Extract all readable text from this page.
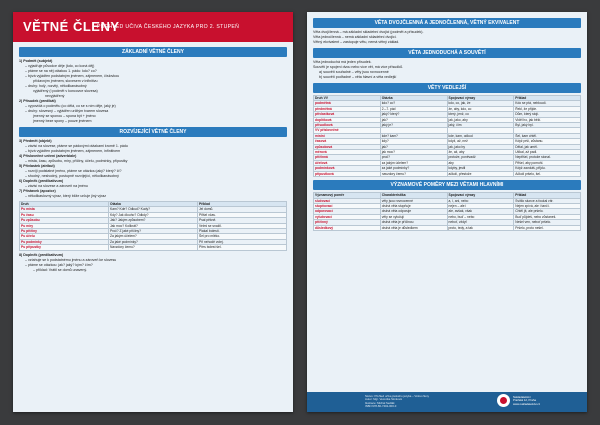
VĚTNÉ ČLENY
PŘEHLED UČIVA ČESKÉHO JAZYKA PRO 2. STUPEŇ
ZÁKLADNÍ VĚTNÉ ČLENY
1) Podmět (subjekt)
– vyjadřuje původce děje (kdo, co koná děj)
– ptáme se na něj otázkou 1. pádu: kdo? co?
– bývá vyjádřen podstatným jménem, zájmenem, číslovkou
přídavným jménem, slovesem v infinitivu
– druhy: holý, rozvitý, několikanásobný
vyjádřený (i podmět v koncovce slovesa)
nevyjádřený
2) Přísudek (predikát)
– vypovídá o podmětu (co dělá, co se s ním děje, jaký je)
– druhy: slovesný – vyjádřen určitým tvarem slovesa
jmenný se sponou – spona být + jméno
jmenný beze spony – pouze jménem
ROZVÍJEJÍCÍ VĚTNÉ ČLENY
3) Předmět (objekt)
– závisí na slovese, ptáme se pádovými otázkami kromě 1. pádu
– bývá vyjádřen podstatným jménem, zájmenem, infinitivem
4) Příslovečné určení (adverbiale)
– místa, času, způsobu, míry, příčiny, účelu, podmínky, přípustky
5) Přívlastek (atribut)
– rozvíjí podstatné jméno, ptáme se otázkou jaký? který? čí?
– shodný, neshodný, postupně rozvíjející, několikanásobný
6) Doplněk (predikativum)
– závisí na slovese a zároveň na jménu
7) Přístavek (apozice)
– několikaslovný výraz, který blíže určuje jiný výraz
Druh	Otázka	Příklad
Pu místa	Kam? Kde? Odkud? Kudy?	Jel domů.
Pu času	Kdy? Jak dlouho? Odkdy?	Přišel včas.
Pu způsobu	Jak? Jakým způsobem?	Psal pěkně.
Pu míry	Jak moc? Kolikrát?	Velmi se snažil.
Pu příčiny	Proč? Z jaké příčiny?	Plakal bolestí.
Pu účelu	Za jakým účelem?	Šel pro mléko.
Pu podmínky	Za jaké podmínky?	Při nehodě volej.
Pu přípustky	Navzdory čemu?	Přes bolest šel.
8) Doplněk (predikativum)
– vztahuje se k podstatnému jménu a zároveň ke slovesu
– ptáme se otázkou: jak? jaký? kým? čím?
– příklad: Vrátil se domů unavený.
VĚTA DVOJČLENNÁ A JEDNOČLENNÁ, VĚTNÝ EKVIVALENT
Věta dvojčlenná – má základní skladební dvojici (podmět a přísudek).
Věta jednočlenná – nemá základní skladební dvojici.
Větný ekvivalent – zastupuje větu, nemá větný základ.
VĚTA JEDNODUCHÁ A SOUVĚTÍ
Věta jednoduchá má jeden přísudek.
Souvětí je spojení dvou nebo více vět, má více přísudků.
a) souvětí souřadné – věty jsou rovnocenné
b) souvětí podřadné – věta hlavní a věta vedlejší
VĚTY VEDLEJŠÍ
Druh VV	Otázka	Spojovací výrazy	Příklad
podmětná	kdo? co?	kdo, co, jak, že	Kdo se ptá, nebloudí.
předmětná	2.–7. pád	že, aby, kdo, co	Řekl, že přijde.
přívlastková	jaký? který?	který, jenž, co	Dům, který stojí.
doplňková	jak?	jak, jako, aby	Viděl ho, jak běží.
přísudková	jaký je?	jaký, čím	Byl, jaký byl.
VV příslovečné			
místní	kde? kam?	kde, kam, odkud	Šel, kam chtěl.
časová	kdy?	když, až, než	Když prší, zůstanu.
způsobová	jak?	jak, jako by	Dělal, jak uměl.
měrová	jak moc?	že, až, aby	Utíkal, až padl.
příčinná	proč?	protože, poněvadž	Nepřišel, protože stonal.
účelová	za jakým účelem?	aby	Přišel, aby pomohl.
podmínková	za jaké podmínky?	kdyby, jestli	Když zavoláš, přijdu.
přípustková	navzdory čemu?	ačkoli, přestože	Ačkoli pršelo, šel.
VÝZNAMOVÉ POMĚRY MEZI VĚTAMI HLAVNÍMI
Významový poměr	Charakteristika	Spojovací výrazy	Příklad
slučovací	věty jsou rovnocenné	a, i, ani, nebo	Svítilo slunce a foukal vítr.
stupňovací	druhá věta stupňuje	nejen – ale i	Nejen zpívá, ale i tančí.
odporovací	druhá věta odporuje	ale, avšak, však	Chtěl jít, ale pršelo.
vylučovací	věty se vylučují	nebo, buď – nebo	Buď půjdeš, nebo zůstaneš.
příčinný	druhá věta je příčinou	neboť, vždyť	Nešel ven, neboť pršelo.
důsledkový	druhá věta je důsledkem	proto, tedy, a tak	Pršelo, proto nešel.
Název: Přehled učiva českého jazyka – Větné členy
Autor: Mgr. Veronika Šimková
Ilustrace: Michal Sedlák
ISBN 978-80-7402-000-0
Nakladatelství
Pražská 12, Praha
www.nakladatelstvi.cz
